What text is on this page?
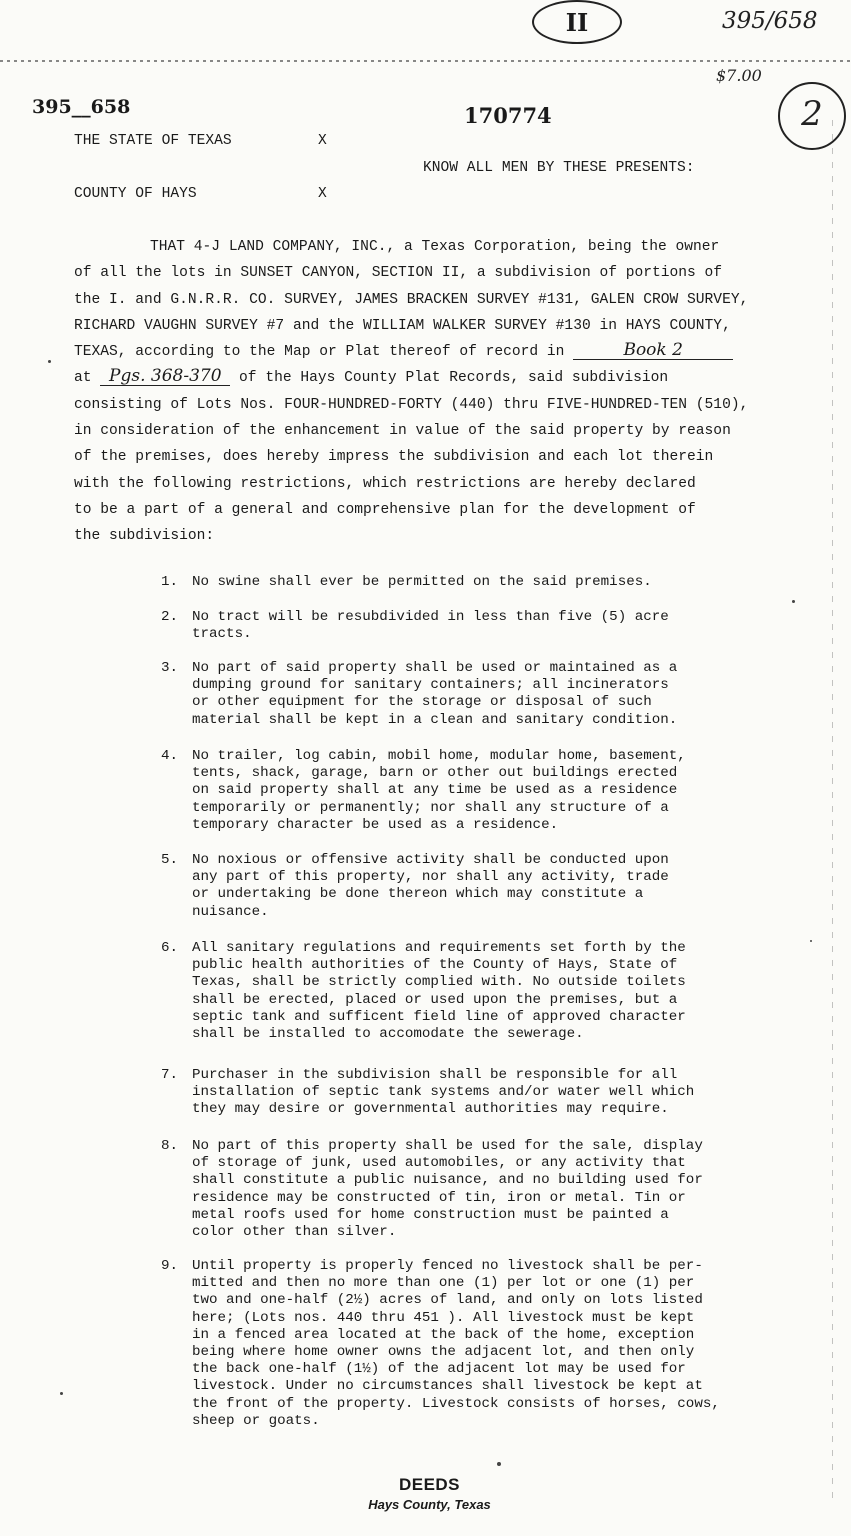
II	395/658
$7.00
2
395__658	170774
THE STATE OF TEXAS	X
KNOW ALL MEN BY THESE PRESENTS:
COUNTY OF HAYS	X
THAT 4-J LAND COMPANY, INC., a Texas Corporation, being the owner
of all the lots in SUNSET CANYON, SECTION II, a subdivision of portions of
the I. and G.N.R.R. CO. SURVEY, JAMES BRACKEN SURVEY #131, GALEN CROW SURVEY,
RICHARD VAUGHN SURVEY #7 and the WILLIAM WALKER SURVEY #130 in HAYS COUNTY,
TEXAS, according to the Map or Plat thereof of record in	Book 2
at Pgs. 368-370 of the Hays County Plat Records, said subdivision
consisting of Lots Nos. FOUR-HUNDRED-FORTY (440) thru FIVE-HUNDRED-TEN (510),
in consideration of the enhancement in value of the said property by reason
of the premises, does hereby impress the subdivision and each lot therein
with the following restrictions, which restrictions are hereby declared
to be a part of a general and comprehensive plan for the development of
the subdivision:
1. No swine shall ever be permitted on the said premises.
2. No tract will be resubdivided in less than five (5) acre
tracts.
3. No part of said property shall be used or maintained as a
dumping ground for sanitary containers; all incinerators
or other equipment for the storage or disposal of such
material shall be kept in a clean and sanitary condition.
4. No trailer, log cabin, mobil home, modular home, basement,
tents, shack, garage, barn or other out buildings erected
on said property shall at any time be used as a residence
temporarily or permanently; nor shall any structure of a
temporary character be used as a residence.
5. No noxious or offensive activity shall be conducted upon
any part of this property, nor shall any activity, trade
or undertaking be done thereon which may constitute a
nuisance.
6. All sanitary regulations and requirements set forth by the
public health authorities of the County of Hays, State of
Texas, shall be strictly complied with. No outside toilets
shall be erected, placed or used upon the premises, but a
septic tank and sufficent field line of approved character
shall be installed to accomodate the sewerage.
7. Purchaser in the subdivision shall be responsible for all
installation of septic tank systems and/or water well which
they may desire or governmental authorities may require.
8. No part of this property shall be used for the sale, display
of storage of junk, used automobiles, or any activity that
shall constitute a public nuisance, and no building used for
residence may be constructed of tin, iron or metal. Tin or
metal roofs used for home construction must be painted a
color other than silver.
9. Until property is properly fenced no livestock shall be per-
mitted and then no more than one (1) per lot or one (1) per
two and one-half (2½) acres of land, and only on lots listed
here; (Lots nos. 440 thru 451 ). All livestock must be kept
in a fenced area located at the back of the home, exception
being where home owner owns the adjacent lot, and then only
the back one-half (1½) of the adjacent lot may be used for
livestock. Under no circumstances shall livestock be kept at
the front of the property. Livestock consists of horses, cows,
sheep or goats.
DEEDS
Hays County, Texas
